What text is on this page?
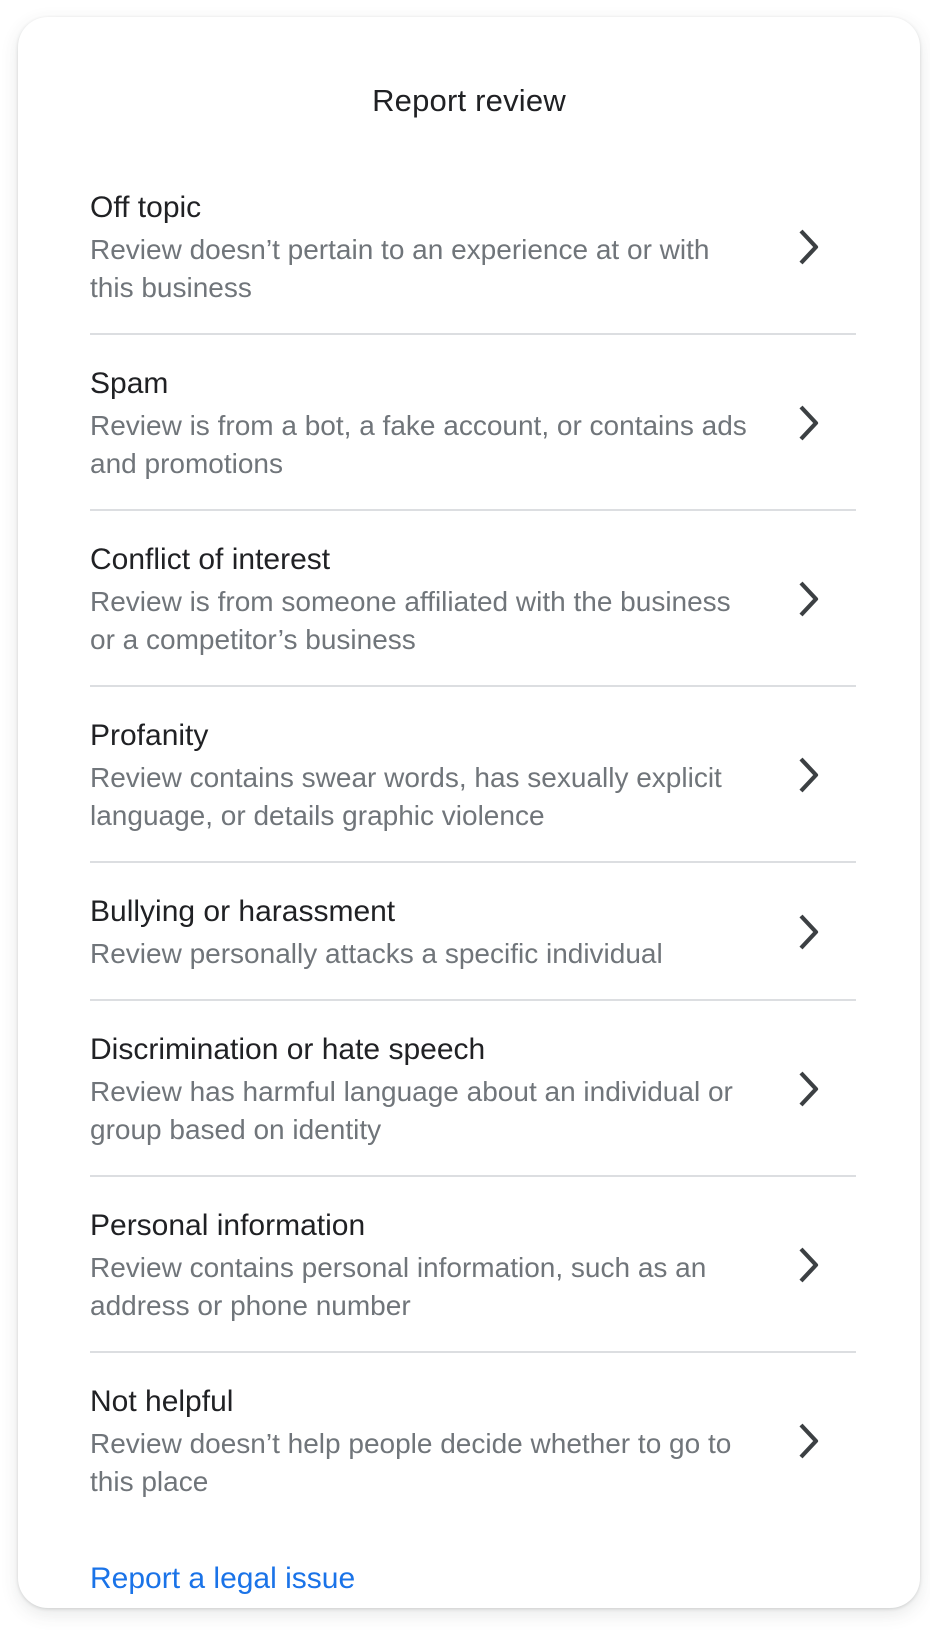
Report review
Off topic
Review doesn’t pertain to an experience at or with this business
Spam
Review is from a bot, a fake account, or contains ads and promotions
Conflict of interest
Review is from someone affiliated with the business or a competitor’s business
Profanity
Review contains swear words, has sexually explicit language, or details graphic violence
Bullying or harassment
Review personally attacks a specific individual
Discrimination or hate speech
Review has harmful language about an individual or group based on identity
Personal information
Review contains personal information, such as an address or phone number
Not helpful
Review doesn’t help people decide whether to go to this place
Report a legal issue
